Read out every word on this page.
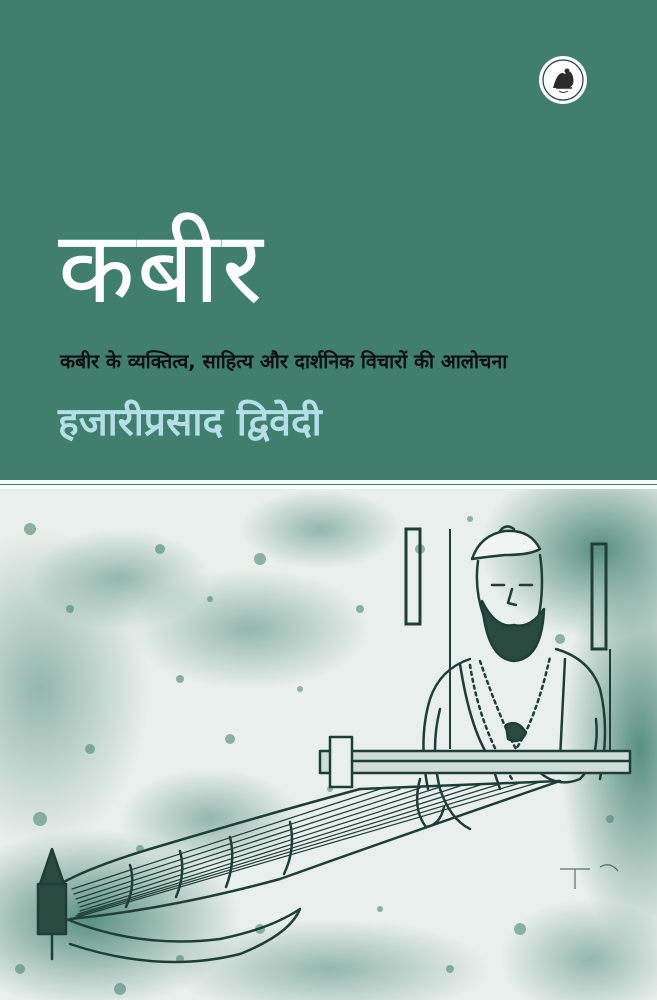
कबीर

कबीर के व्यक्तित्व, साहित्य और दार्शनिक विचारों की आलोचना

हजारीप्रसाद द्विवेदी
